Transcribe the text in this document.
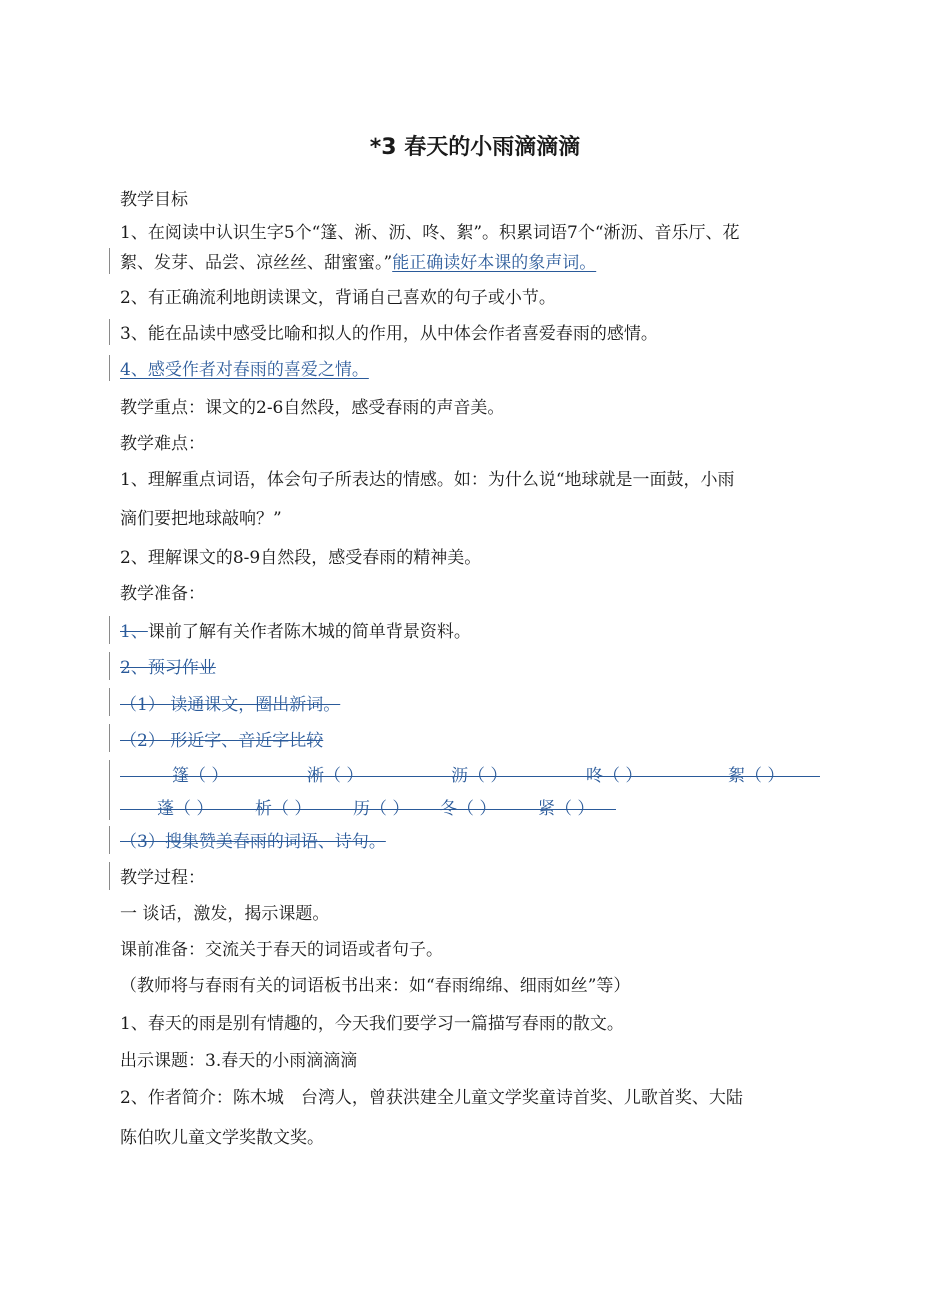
*3 春天的小雨滴滴滴
教学目标
1、在阅读中认识生字5个“篷、淅、沥、咚、絮”。积累词语7个“淅沥、音乐厅、花
絮、发芽、品尝、凉丝丝、甜蜜蜜。”能正确读好本课的象声词。
2、有正确流利地朗读课文，背诵自己喜欢的句子或小节。
3、能在品读中感受比喻和拟人的作用，从中体会作者喜爱春雨的感情。
4、感受作者对春雨的喜爱之情。
教学重点：课文的2-6自然段，感受春雨的声音美。
教学难点：
1、理解重点词语，体会句子所表达的情感。如：为什么说“地球就是一面鼓，小雨
滴们要把地球敲响？”
2、理解课文的8-9自然段，感受春雨的精神美。
教学准备：
1、课前了解有关作者陈木城的简单背景资料。
2、预习作业
（1） 读通课文，圈出新词。
（2） 形近字、音近字比较
篷（ ）	淅（ ）	沥（ ）	咚（ ）	絮（ ）
蓬（ ） 析（ ） 历（ ） 冬（ ） 紧（ ）
（3）搜集赞美春雨的词语、诗句。
教学过程：
一 谈话，激发，揭示课题。
课前准备：交流关于春天的词语或者句子。
（教师将与春雨有关的词语板书出来：如“春雨绵绵、细雨如丝”等）
1、春天的雨是别有情趣的，今天我们要学习一篇描写春雨的散文。
出示课题：3.春天的小雨滴滴滴
2、作者简介：陈木城　台湾人，曾获洪建全儿童文学奖童诗首奖、儿歌首奖、大陆
陈伯吹儿童文学奖散文奖。
